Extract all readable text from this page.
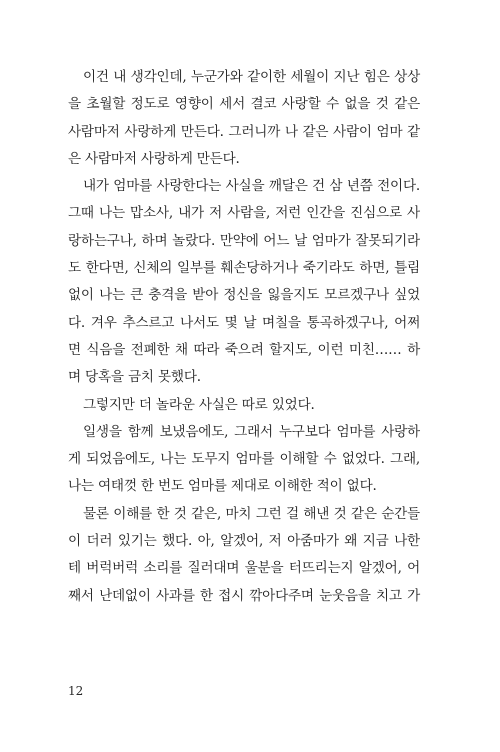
이건 내 생각인데, 누군가와 같이한 세월이 지난 힘은 상상
을 초월할 정도로 영향이 세서 결코 사랑할 수 없을 것 같은
사람마저 사랑하게 만든다. 그러니까 나 같은 사람이 엄마 같
은 사람마저 사랑하게 만든다.
내가 엄마를 사랑한다는 사실을 깨달은 건 삼 년쯤 전이다.
그때 나는 맙소사, 내가 저 사람을, 저런 인간을 진심으로 사
랑하는구나, 하며 놀랐다. 만약에 어느 날 엄마가 잘못되기라
도 한다면, 신체의 일부를 훼손당하거나 죽기라도 하면, 틀림
없이 나는 큰 충격을 받아 정신을 잃을지도 모르겠구나 싶었
다. 겨우 추스르고 나서도 몇 날 며칠을 통곡하겠구나, 어쩌
면 식음을 전폐한 채 따라 죽으려 할지도, 이런 미친…… 하
며 당혹을 금치 못했다.
그렇지만 더 놀라운 사실은 따로 있었다.
일생을 함께 보냈음에도, 그래서 누구보다 엄마를 사랑하
게 되었음에도, 나는 도무지 엄마를 이해할 수 없었다. 그래,
나는 여태껏 한 번도 엄마를 제대로 이해한 적이 없다.
물론 이해를 한 것 같은, 마치 그런 걸 해낸 것 같은 순간들
이 더러 있기는 했다. 아, 알겠어, 저 아줌마가 왜 지금 나한
테 버럭버럭 소리를 질러대며 울분을 터뜨리는지 알겠어, 어
째서 난데없이 사과를 한 접시 깎아다주며 눈웃음을 치고 가
12
